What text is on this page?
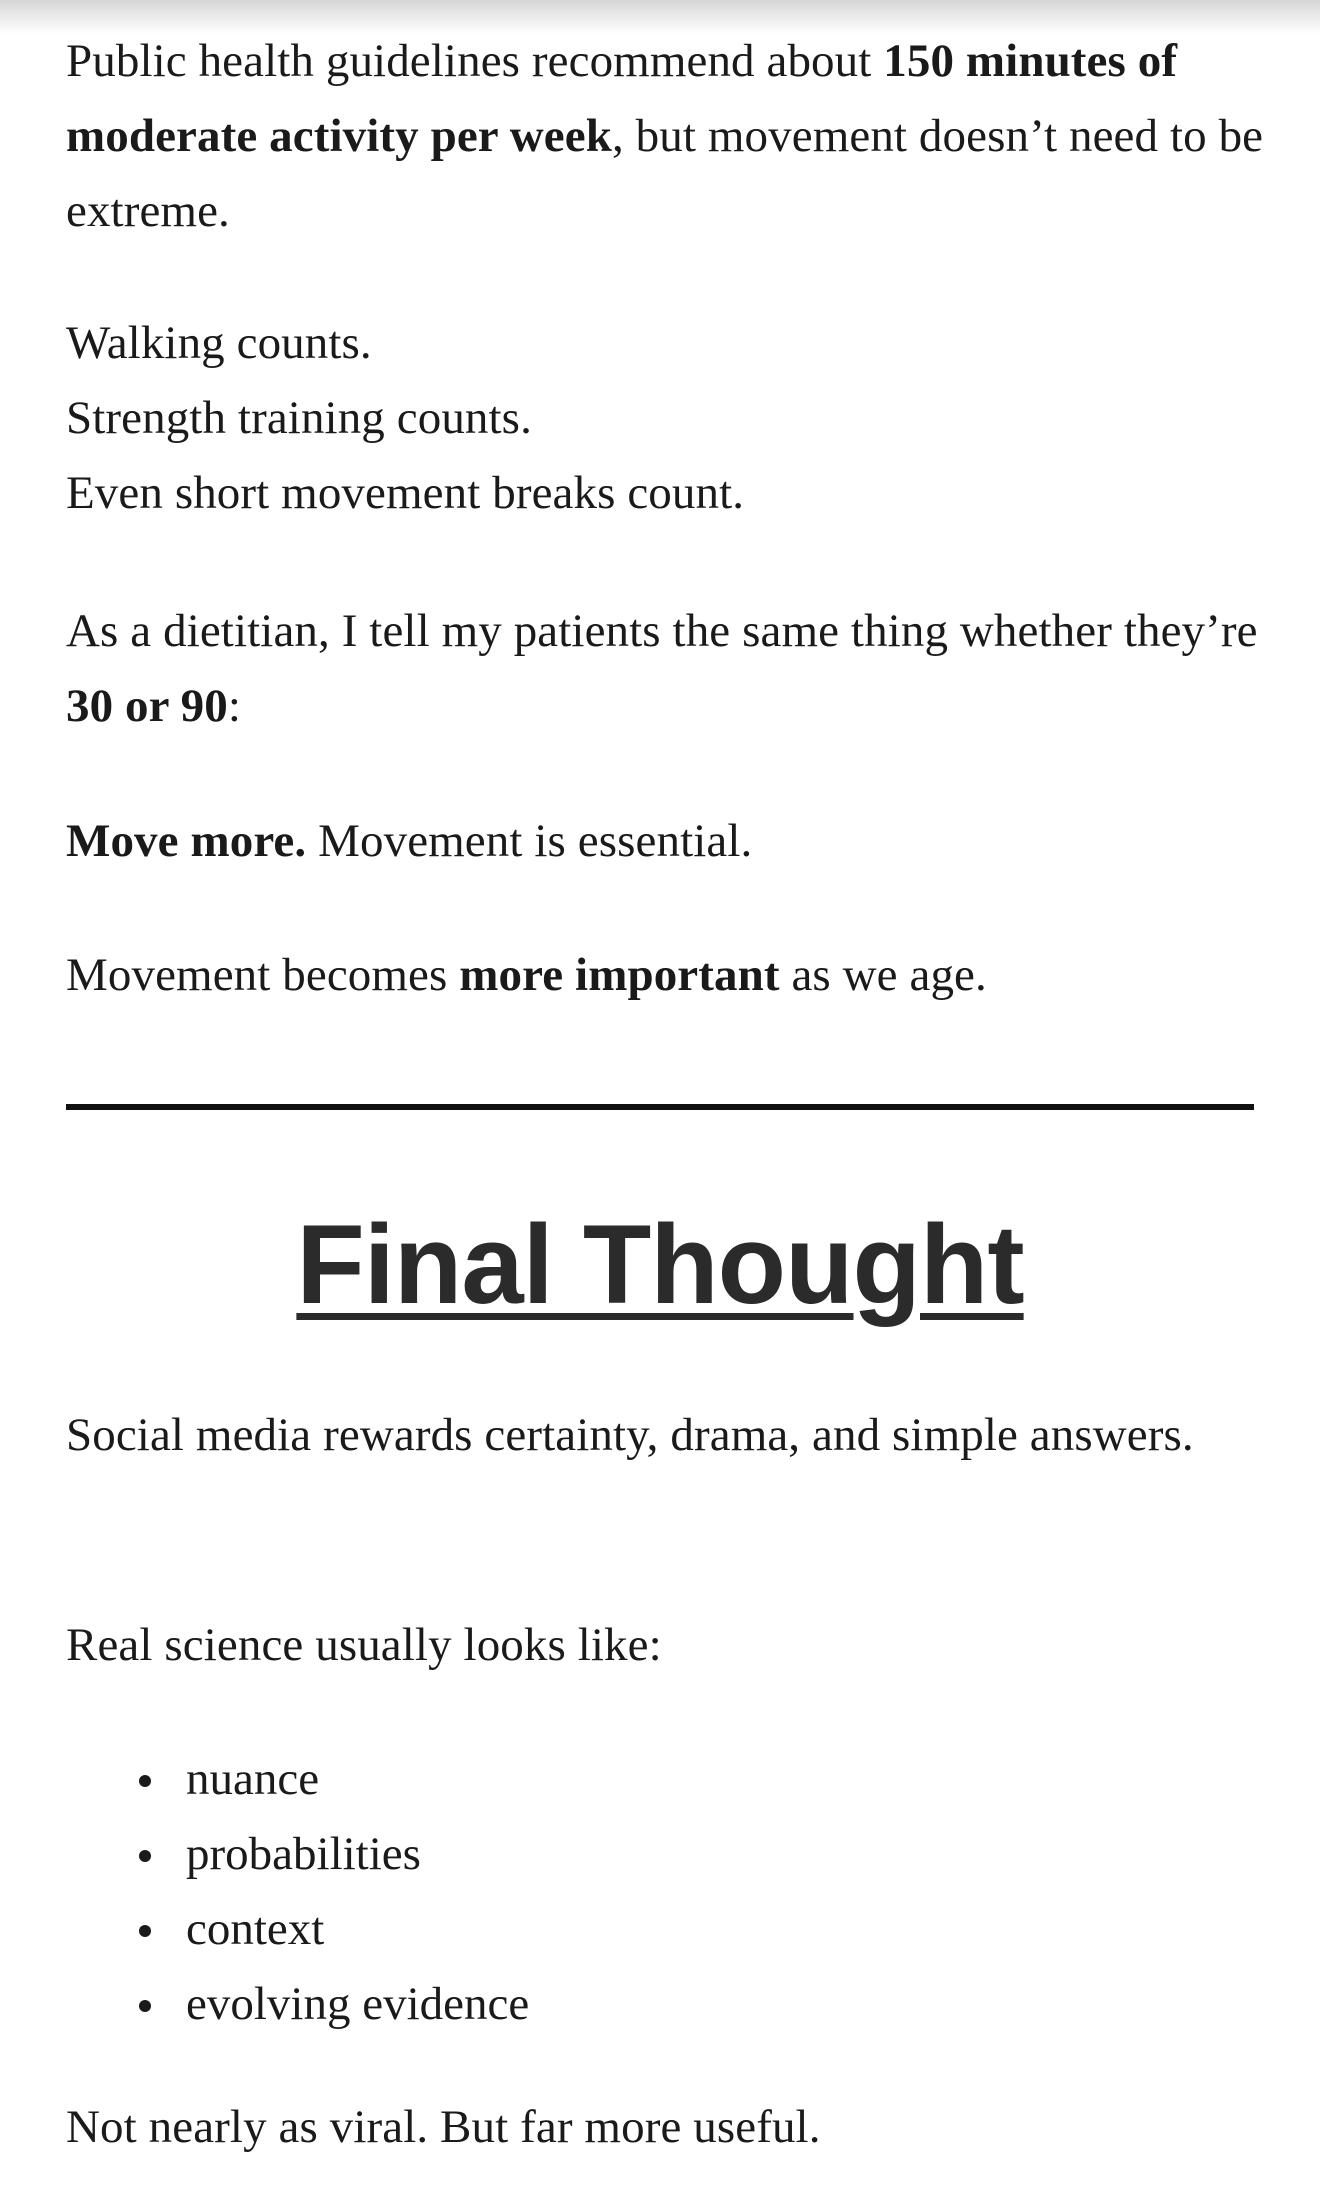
Public health guidelines recommend about 150 minutes of moderate activity per week, but movement doesn’t need to be extreme.

Walking counts.
Strength training counts.
Even short movement breaks count.

As a dietitian, I tell my patients the same thing whether they’re 30 or 90:

Move more. Movement is essential.

Movement becomes more important as we age.

Final Thought

Social media rewards certainty, drama, and simple answers.

Real science usually looks like:

nuance
probabilities
context
evolving evidence

Not nearly as viral. But far more useful.
